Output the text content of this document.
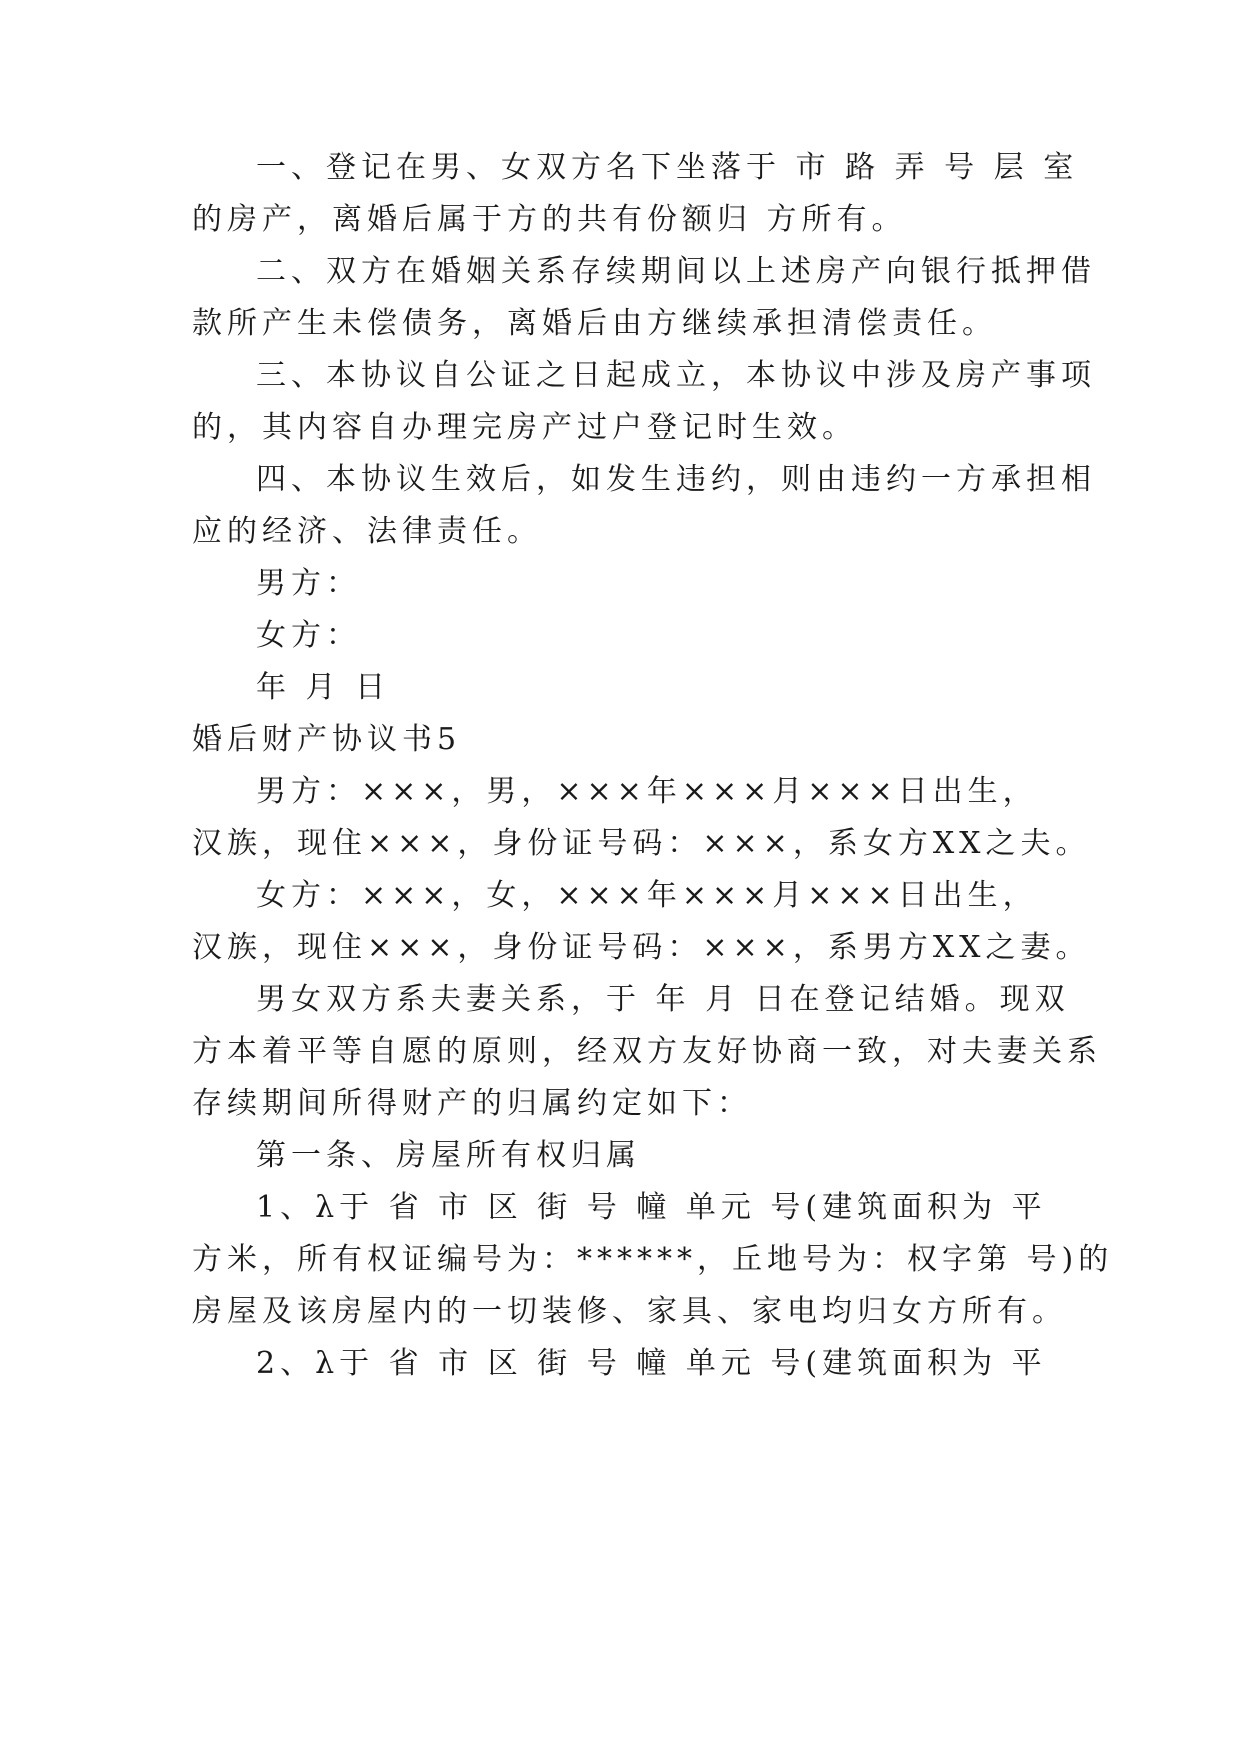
一、登记在男、女双方名下坐落于 市 路 弄 号 层 室

的房产，离婚后属于方的共有份额归 方所有。

二、双方在婚姻关系存续期间以上述房产向银行抵押借

款所产生未偿债务，离婚后由方继续承担清偿责任。

三、本协议自公证之日起成立，本协议中涉及房产事项

的，其内容自办理完房产过户登记时生效。

四、本协议生效后，如发生违约，则由违约一方承担相

应的经济、法律责任。

男方：

女方：

年 月 日

婚后财产协议书5

男方：×××，男，×××年×××月×××日出生，

汉族，现住×××，身份证号码：×××，系女方XX之夫。

女方：×××，女，×××年×××月×××日出生，

汉族，现住×××，身份证号码：×××，系男方XX之妻。

男女双方系夫妻关系，于 年 月 日在登记结婚。现双

方本着平等自愿的原则，经双方友好协商一致，对夫妻关系

存续期间所得财产的归属约定如下：

第一条、房屋所有权归属

1、λ于 省 市 区 街 号 幢 单元 号(建筑面积为 平

方米，所有权证编号为：******，丘地号为：权字第 号)的

房屋及该房屋内的一切装修、家具、家电均归女方所有。

2、λ于 省 市 区 街 号 幢 单元 号(建筑面积为 平
